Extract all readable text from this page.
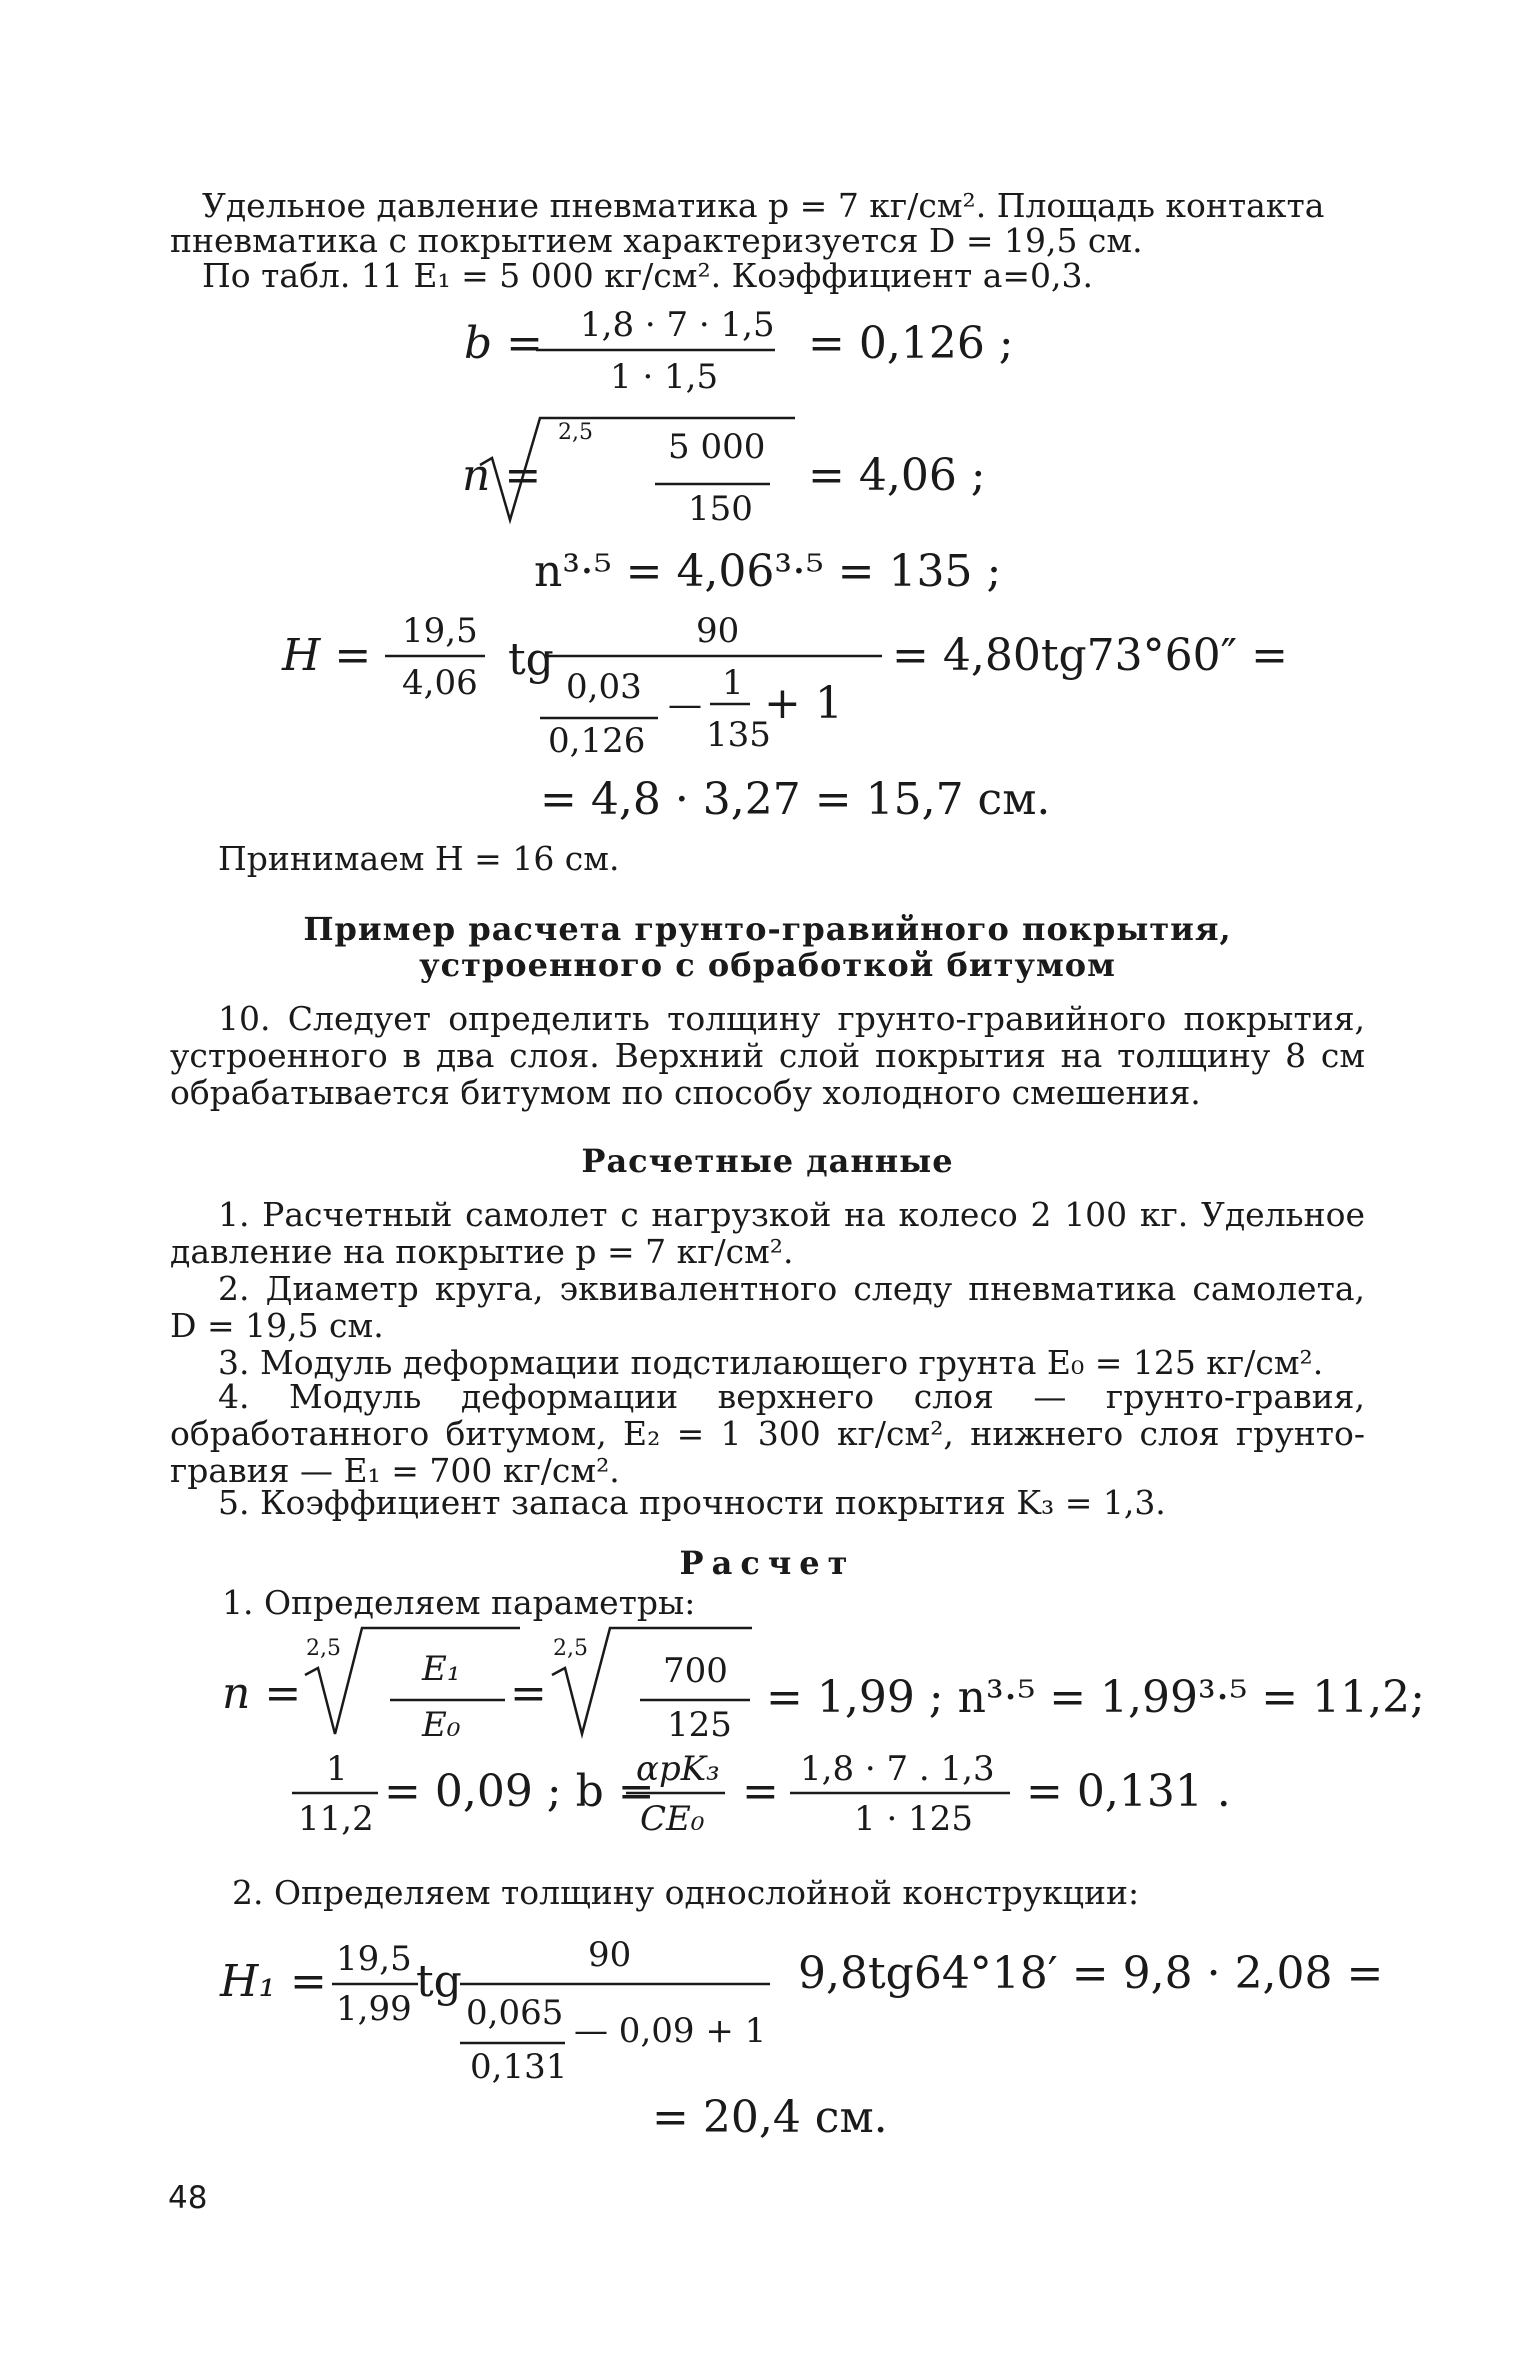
Удельное давление пневматика p = 7 кг/см². Площадь контакта
пневматика с покрытием характеризуется D = 19,5 см.
По табл. 11 E₁ = 5 000 кг/см². Коэффициент a=0,3.
b = 1,8 · 7 · 1,5
1 · 1,5
= 0,126 ;
n =
2,5 5 000
150
= 4,06 ;
n³·⁵ = 4,06³·⁵ = 135 ;
H = 19,5
4,06 tg
90
0,03
0,126
—
1
135
+ 1
= 4,80tg73°60″ =
= 4,8 · 3,27 = 15,7 см.
Принимаем H = 16 см.
Пример расчета грунто-гравийного покрытия,
устроенного с обработкой битумом
10. Следует определить толщину грунто-гравийного покрытия, устроенного в два слоя. Верхний слой покрытия на толщину 8 см обрабатывается битумом по способу холодного смешения.
Расчетные данные
1. Расчетный самолет с нагрузкой на колесо 2 100 кг. Удельное давление на покрытие p = 7 кг/см².
2. Диаметр круга, эквивалентного следу пневматика самолета, D = 19,5 см.
3. Модуль деформации подстилающего грунта E₀ = 125 кг/см².
4. Модуль деформации верхнего слоя — грунто-гравия, обработанного битумом, E₂ = 1 300 кг/см², нижнего слоя грунто-гравия — E₁ = 700 кг/см².
5. Коэффициент запаса прочности покрытия K₃ = 1,3.
Расчет
1. Определяем параметры:
n =
2,5
E₁
E₀
=
2,5
700
125
= 1,99 ; n³·⁵ = 1,99³·⁵ = 11,2;
1
11,2
= 0,09 ; b =
αpK₃
CE₀
= 1,8 · 7 . 1,3
1 · 125
= 0,131 .
2. Определяем толщину однослойной конструкции:
H₁ = 19,5
1,99
tg
90
0,065
0,131
— 0,09 + 1
9,8tg64°18′ = 9,8 · 2,08 =
= 20,4 см.
48
